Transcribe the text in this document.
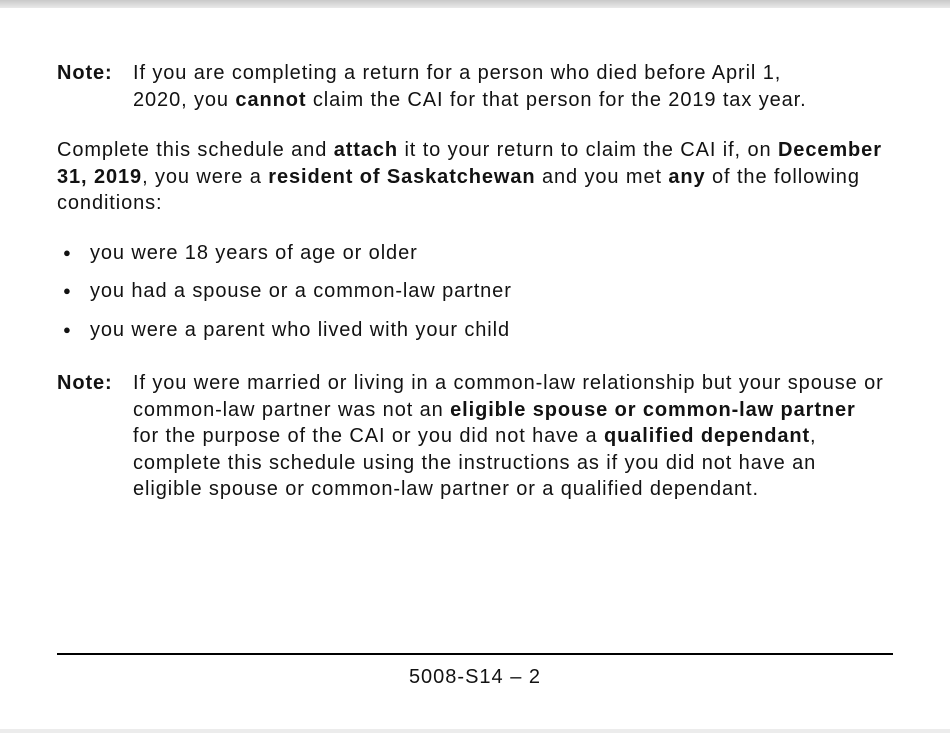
Note:	If you are completing a return for a person who died before April 1, 2020, you cannot claim the CAI for that person for the 2019 tax year.

Complete this schedule and attach it to your return to claim the CAI if, on December 31, 2019, you were a resident of Saskatchewan and you met any of the following conditions:

● you were 18 years of age or older
● you had a spouse or a common-law partner
● you were a parent who lived with your child
Note:	If you were married or living in a common-law relationship but your spouse or common-law partner was not an eligible spouse or common-law partner for the purpose of the CAI or you did not have a qualified dependant, complete this schedule using the instructions as if you did not have an eligible spouse or common-law partner or a qualified dependant.
5008-S14 – 2
